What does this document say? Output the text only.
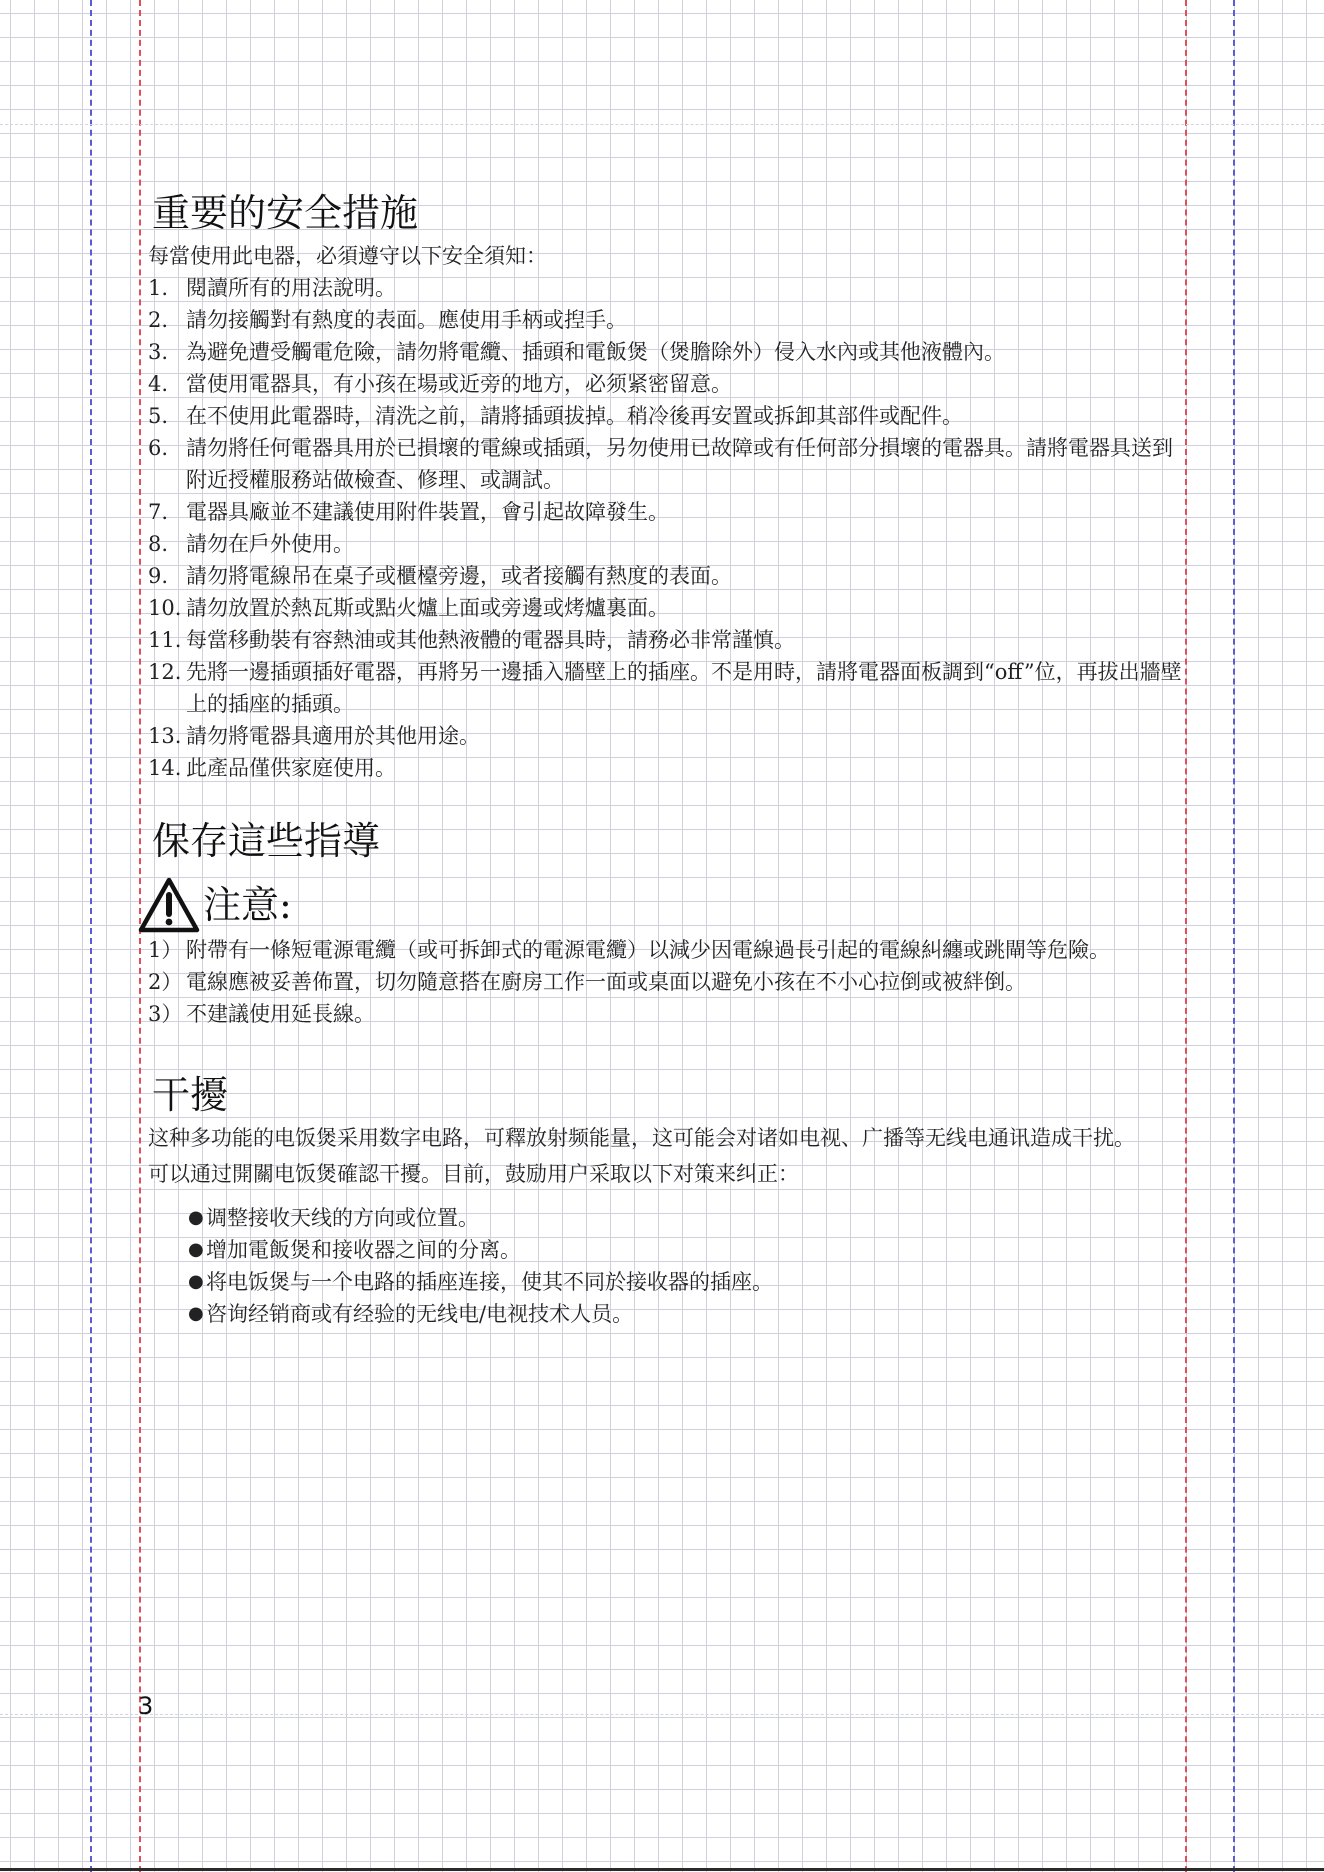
重要的安全措施

每當使用此电器，必須遵守以下安全須知：

1. 閱讀所有的用法說明。
2. 請勿接觸對有熱度的表面。應使用手柄或揑手。
3. 為避免遭受觸電危險，請勿將電纜、插頭和電飯煲（煲膽除外）侵入水內或其他液體內。
4. 當使用電器具，有小孩在場或近旁的地方，必须紧密留意。
5. 在不使用此電器時，清洗之前，請將插頭拔掉。稍冷後再安置或拆卸其部件或配件。
6. 請勿將任何電器具用於已損壞的電線或插頭，另勿使用已故障或有任何部分損壞的電器具。請將電器具送到附近授權服務站做檢查、修理、或調試。
7. 電器具廠並不建議使用附件裝置，會引起故障發生。
8. 請勿在戶外使用。
9. 請勿將電線吊在桌子或櫃檯旁邊，或者接觸有熱度的表面。
10. 請勿放置於熱瓦斯或點火爐上面或旁邊或烤爐裏面。
11. 每當移動裝有容熱油或其他熱液體的電器具時，請務必非常謹慎。
12. 先將一邊插頭插好電器，再將另一邊插入牆壁上的插座。不是用時，請將電器面板調到“off”位，再拔出牆壁上的插座的插頭。
13. 請勿將電器具適用於其他用途。
14. 此產品僅供家庭使用。
保存這些指導
注意:
1） 附帶有一條短電源電纜（或可拆卸式的電源電纜）以減少因電線過長引起的電線糾纏或跳閘等危險。
2） 電線應被妥善佈置，切勿隨意搭在廚房工作一面或桌面以避免小孩在不小心拉倒或被絆倒。
3） 不建議使用延長線。
干擾

这种多功能的电饭煲采用数字电路，可釋放射频能量，这可能会对诸如电视、广播等无线电通讯造成干扰。

可以通过開關电饭煲確認干擾。目前，鼓励用户采取以下对策来纠正：

● 调整接收天线的方向或位置。
● 增加電飯煲和接收器之间的分离。
● 将电饭煲与一个电路的插座连接，使其不同於接收器的插座。
● 咨询经销商或有经验的无线电/电视技术人员。
3
